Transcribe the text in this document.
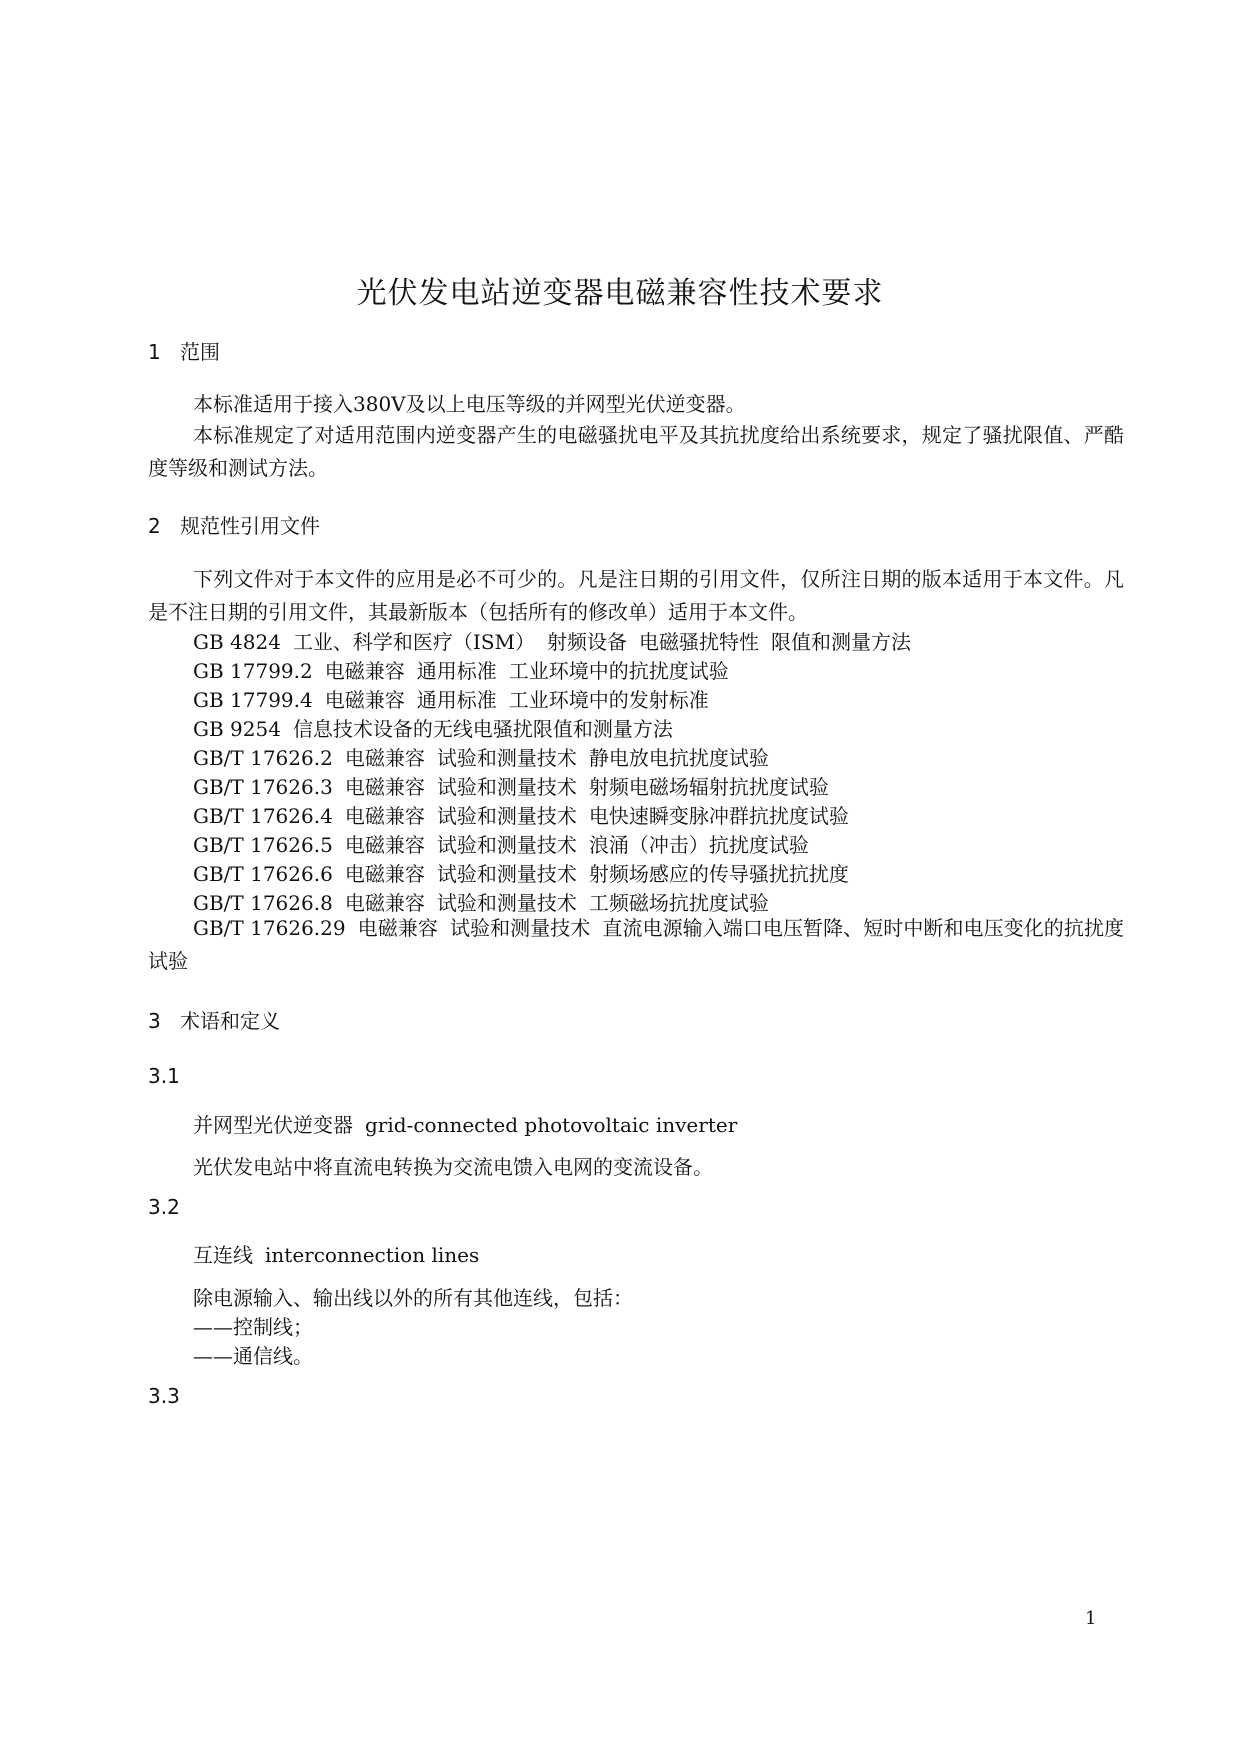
光伏发电站逆变器电磁兼容性技术要求
1 范围
本标准适用于接入380V及以上电压等级的并网型光伏逆变器。
本标准规定了对适用范围内逆变器产生的电磁骚扰电平及其抗扰度给出系统要求，规定了骚扰限值、严酷度等级和测试方法。
2 规范性引用文件
下列文件对于本文件的应用是必不可少的。凡是注日期的引用文件，仅所注日期的版本适用于本文件。凡是不注日期的引用文件，其最新版本（包括所有的修改单）适用于本文件。
GB 4824 工业、科学和医疗（ISM） 射频设备 电磁骚扰特性 限值和测量方法
GB 17799.2 电磁兼容 通用标准 工业环境中的抗扰度试验
GB 17799.4 电磁兼容 通用标准 工业环境中的发射标准
GB 9254 信息技术设备的无线电骚扰限值和测量方法
GB/T 17626.2 电磁兼容 试验和测量技术 静电放电抗扰度试验
GB/T 17626.3 电磁兼容 试验和测量技术 射频电磁场辐射抗扰度试验
GB/T 17626.4 电磁兼容 试验和测量技术 电快速瞬变脉冲群抗扰度试验
GB/T 17626.5 电磁兼容 试验和测量技术 浪涌（冲击）抗扰度试验
GB/T 17626.6 电磁兼容 试验和测量技术 射频场感应的传导骚扰抗扰度
GB/T 17626.8 电磁兼容 试验和测量技术 工频磁场抗扰度试验
GB/T 17626.29 电磁兼容 试验和测量技术 直流电源输入端口电压暂降、短时中断和电压变化的抗扰度试验
3 术语和定义
3.1
并网型光伏逆变器 grid-connected photovoltaic inverter
光伏发电站中将直流电转换为交流电馈入电网的变流设备。
3.2
互连线 interconnection lines
除电源输入、输出线以外的所有其他连线，包括：
——控制线；
——通信线。
3.3
1
